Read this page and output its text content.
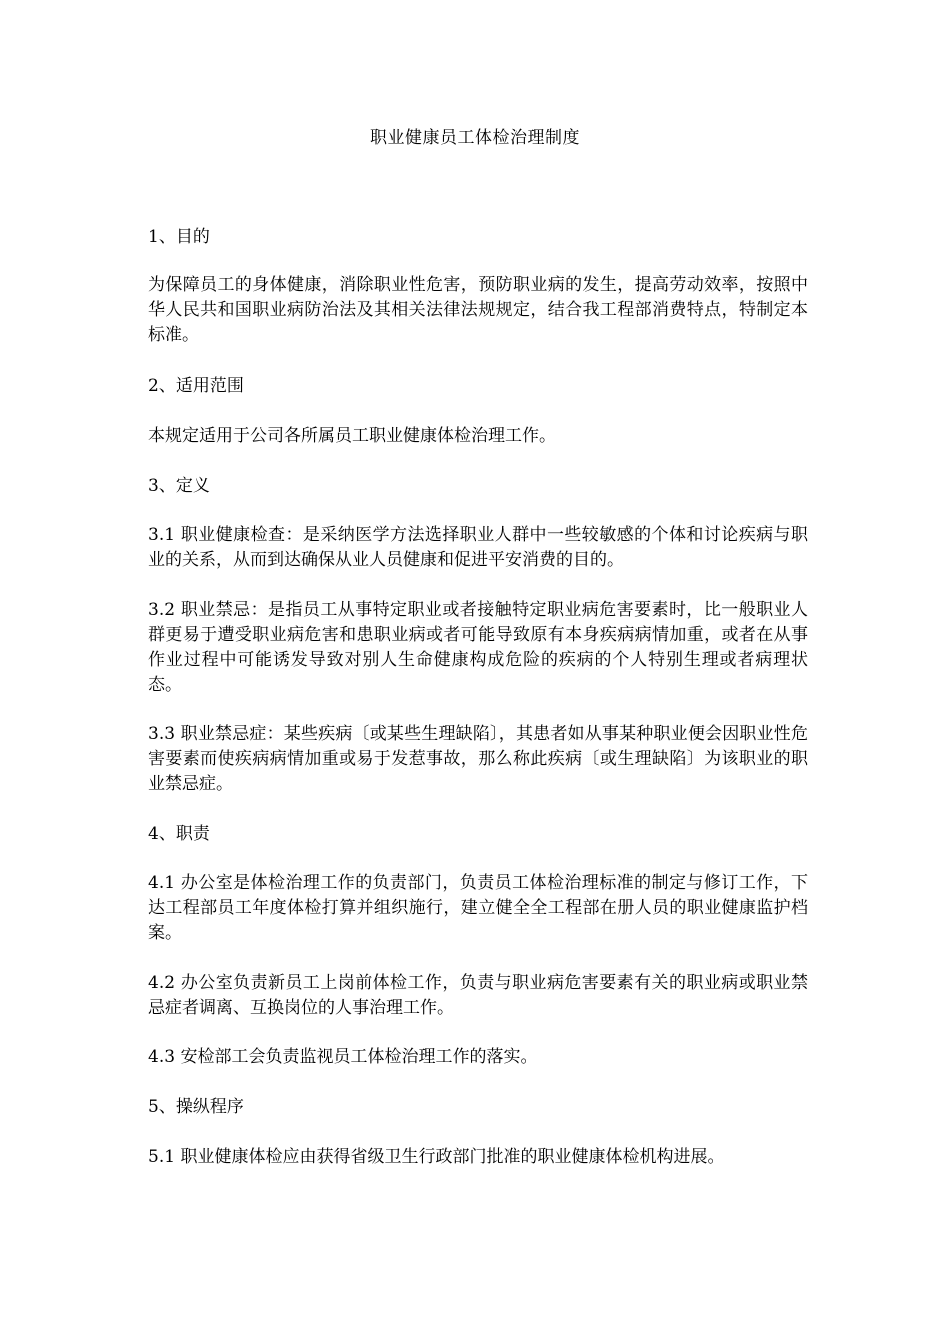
职业健康员工体检治理制度

1、目的

为保障员工的身体健康，消除职业性危害，预防职业病的发生，提高劳动效率，按照中华人民共和国职业病防治法及其相关法律法规规定，结合我工程部消费特点，特制定本标准。

2、适用范围

本规定适用于公司各所属员工职业健康体检治理工作。

3、定义

3.1 职业健康检查：是采纳医学方法选择职业人群中一些较敏感的个体和讨论疾病与职业的关系，从而到达确保从业人员健康和促进平安消费的目的。

3.2 职业禁忌：是指员工从事特定职业或者接触特定职业病危害要素时，比一般职业人群更易于遭受职业病危害和患职业病或者可能导致原有本身疾病病情加重，或者在从事作业过程中可能诱发导致对别人生命健康构成危险的疾病的个人特别生理或者病理状态。

3.3 职业禁忌症：某些疾病〔或某些生理缺陷〕，其患者如从事某种职业便会因职业性危害要素而使疾病病情加重或易于发惹事故，那么称此疾病〔或生理缺陷〕为该职业的职业禁忌症。

4、职责

4.1 办公室是体检治理工作的负责部门，负责员工体检治理标准的制定与修订工作，下达工程部员工年度体检打算并组织施行，建立健全全工程部在册人员的职业健康监护档案。

4.2 办公室负责新员工上岗前体检工作，负责与职业病危害要素有关的职业病或职业禁忌症者调离、互换岗位的人事治理工作。

4.3 安检部工会负责监视员工体检治理工作的落实。

5、操纵程序

5.1 职业健康体检应由获得省级卫生行政部门批准的职业健康体检机构进展。
